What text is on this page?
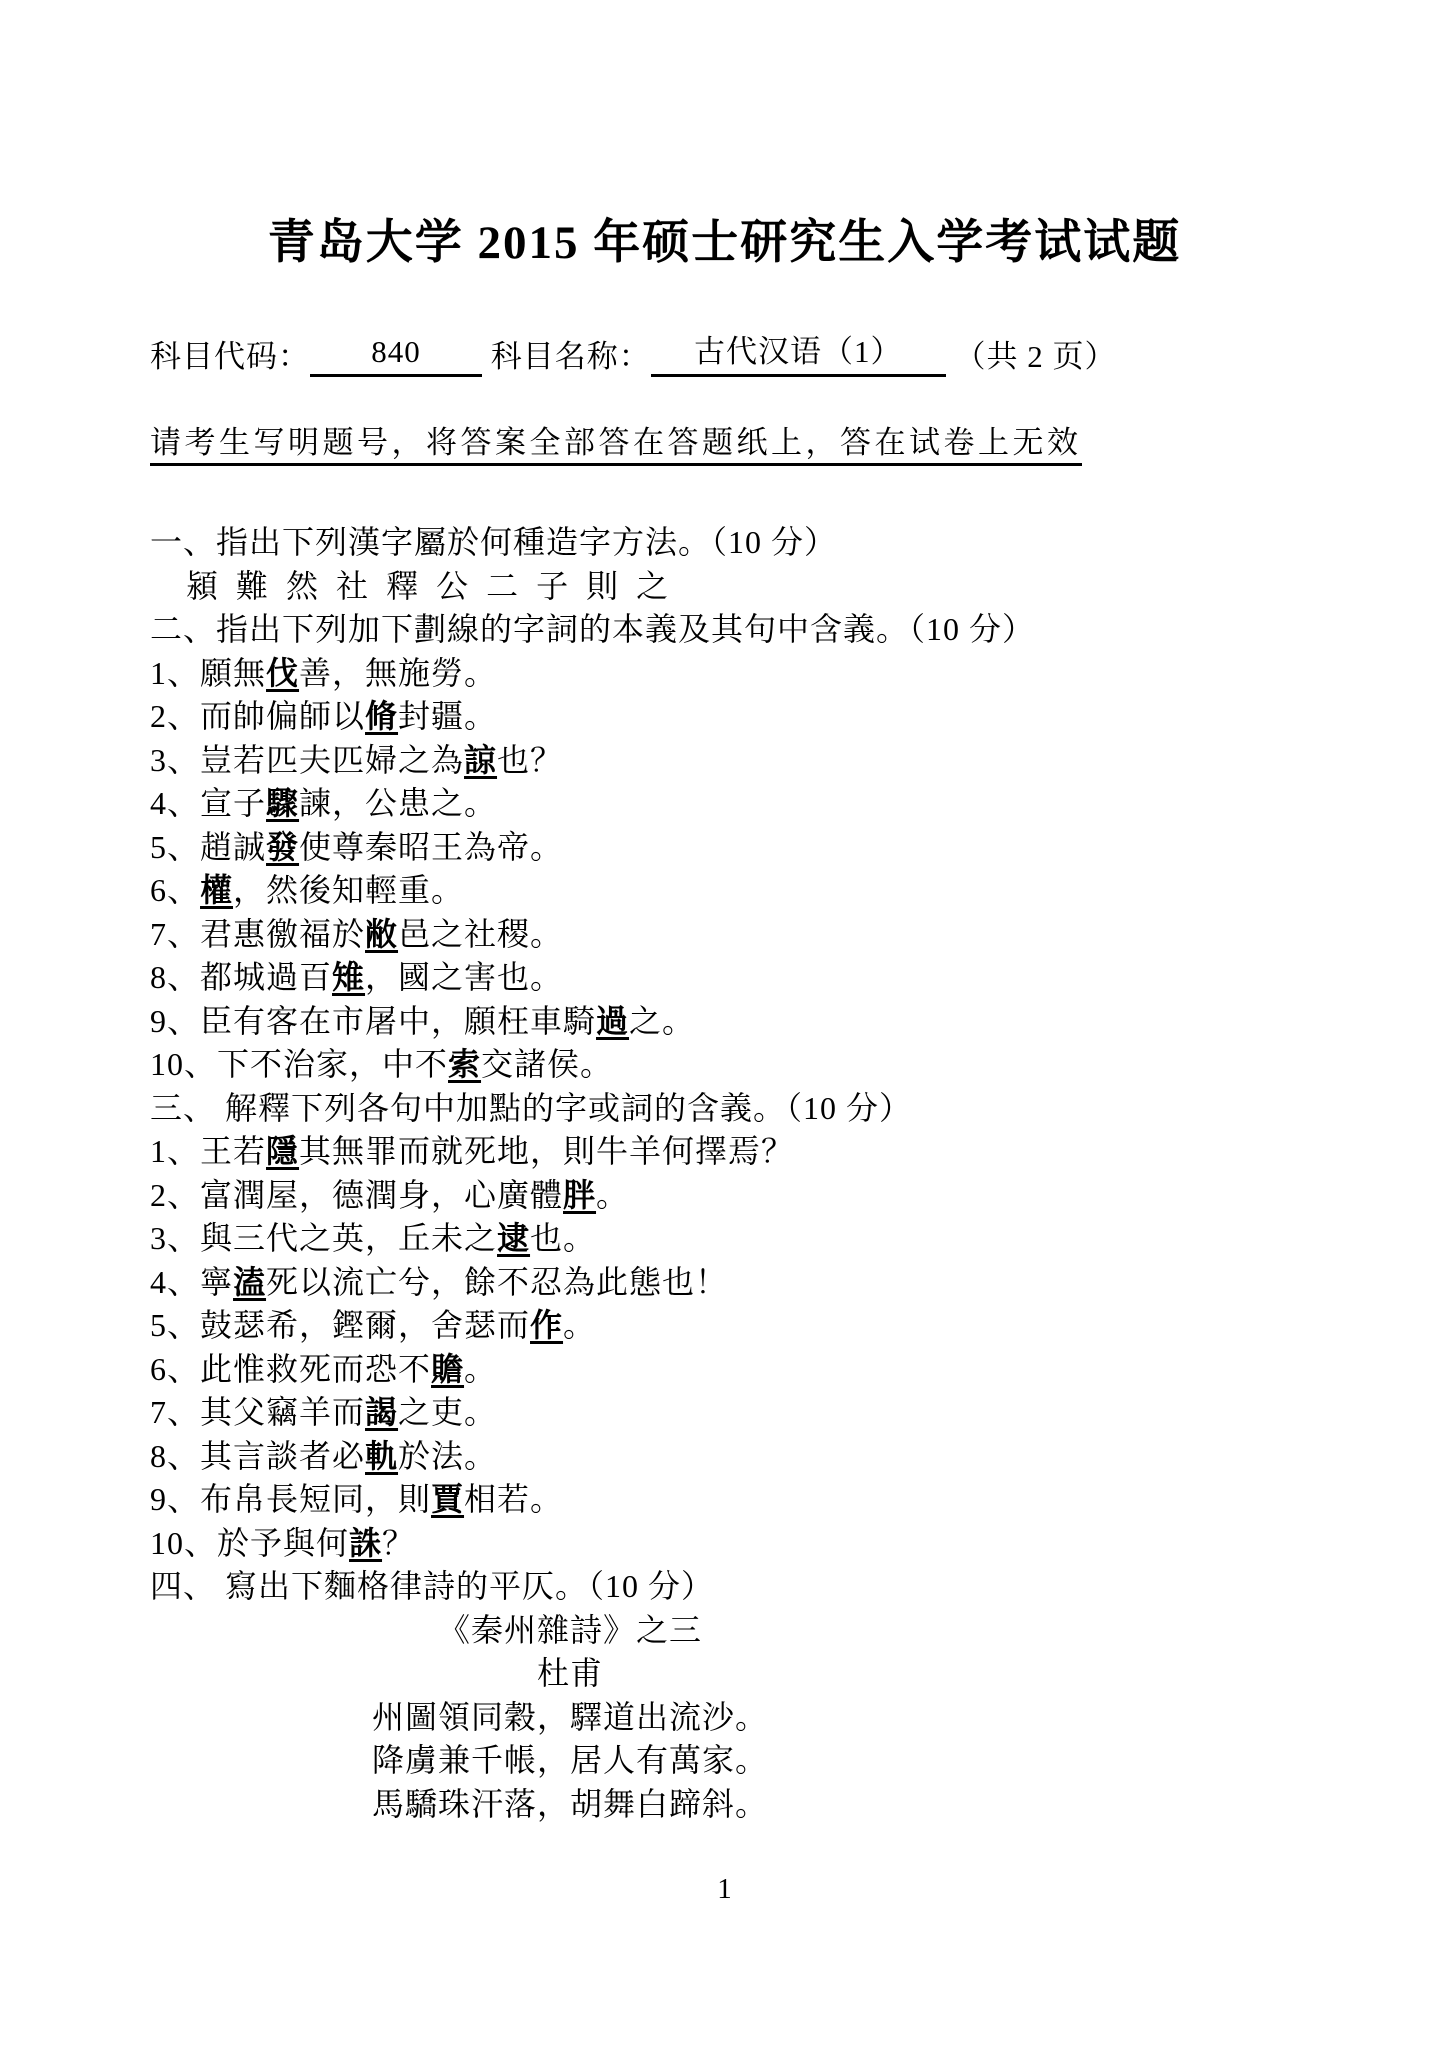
青岛大学 2015 年硕士研究生入学考试试题
科目代码： 840 科目名称： 古代汉语（1） （共 2 页）
请考生写明题号，将答案全部答在答题纸上，答在试卷上无效
一、指出下列漢字屬於何種造字方法。（10 分）
潁 難 然 社 釋 公 二 子 則 之
二、指出下列加下劃線的字詞的本義及其句中含義。（10 分）
1、願無伐善，無施勞。
2、而帥偏師以脩封疆。
3、豈若匹夫匹婦之為諒也？
4、宣子驟諫，公患之。
5、趙誠發使尊秦昭王為帝。
6、權，然後知輕重。
7、君惠徼福於敝邑之社稷。
8、都城過百雉，國之害也。
9、臣有客在市屠中，願枉車騎過之。
10、下不治家，中不索交諸侯。
三、 解釋下列各句中加點的字或詞的含義。（10 分）
1、王若隱其無罪而就死地，則牛羊何擇焉？
2、富潤屋，德潤身，心廣體胖。
3、與三代之英，丘未之逮也。
4、寧溘死以流亡兮，餘不忍為此態也！
5、鼓瑟希，鏗爾，舍瑟而作。
6、此惟救死而恐不贍。
7、其父竊羊而謁之吏。
8、其言談者必軌於法。
9、布帛長短同，則賈相若。
10、於予與何誅？
四、 寫出下麵格律詩的平仄。（10 分）
《秦州雜詩》之三
杜甫
州圖領同穀，驛道出流沙。
降虜兼千帳，居人有萬家。
馬驕珠汗落，胡舞白蹄斜。
1
